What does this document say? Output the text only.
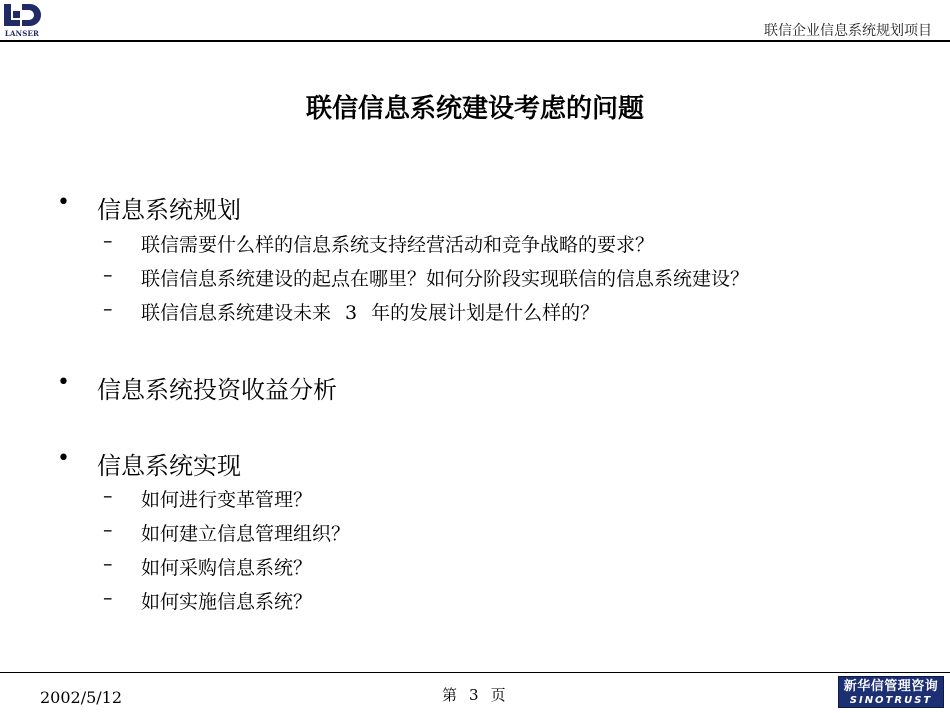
LANSER	联信企业信息系统规划项目
联信信息系统建设考虑的问题
• 信息系统规划
– 联信需要什么样的信息系统支持经营活动和竞争战略的要求？
– 联信信息系统建设的起点在哪里？如何分阶段实现联信的信息系统建设？
– 联信信息系统建设未来 3 年的发展计划是什么样的？
• 信息系统投资收益分析
• 信息系统实现
– 如何进行变革管理？
– 如何建立信息管理组织？
– 如何采购信息系统？
– 如何实施信息系统？
2002/5/12	第 3 页	新华信管理咨询
SINOTRUST
